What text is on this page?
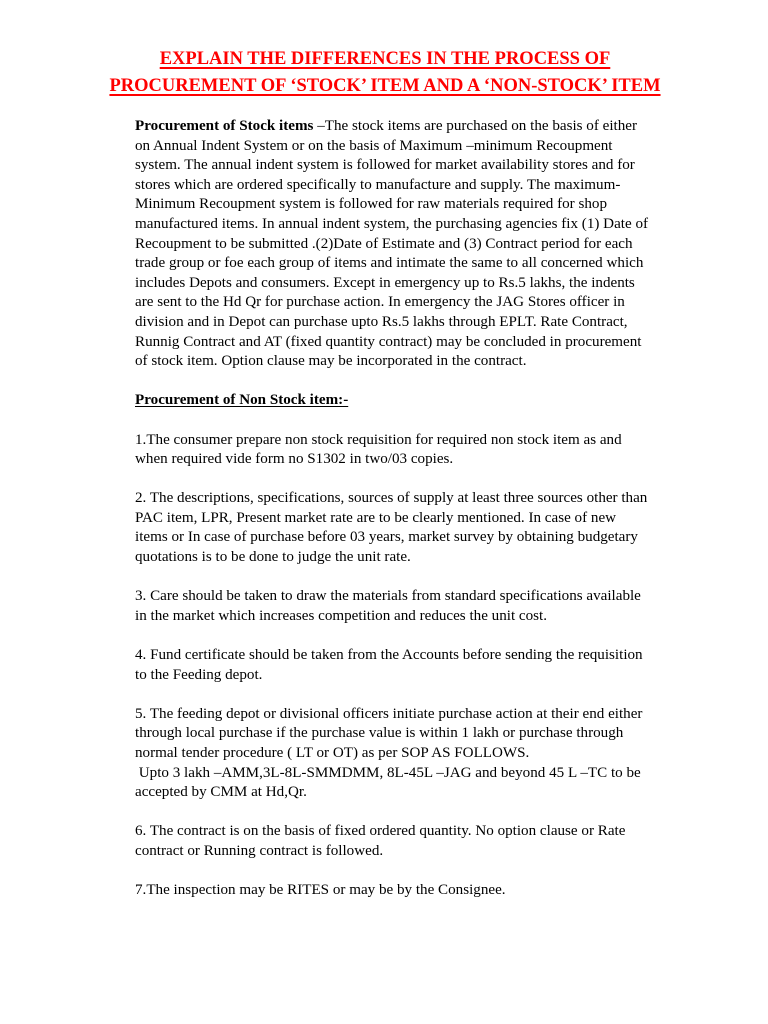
EXPLAIN THE DIFFERENCES IN THE PROCESS OF
PROCUREMENT OF ‘STOCK’ ITEM AND A ‘NON-STOCK’ ITEM
Procurement of Stock items –The stock items are purchased on the basis of either
on Annual Indent System or on the basis of Maximum –minimum Recoupment
system. The annual indent system is followed for market availability stores and for
stores which are ordered specifically to manufacture and supply. The maximum-
Minimum Recoupment system is followed for raw materials required for shop
manufactured items. In annual indent system, the purchasing agencies fix (1) Date of
Recoupment to be submitted .(2)Date of Estimate and (3) Contract period for each
trade group or foe each group of items and intimate the same to all concerned which
includes Depots and consumers. Except in emergency up to Rs.5 lakhs, the indents
are sent to the Hd Qr for purchase action. In emergency the JAG Stores officer in
division and in Depot can purchase upto Rs.5 lakhs through EPLT. Rate Contract,
Runnig Contract and AT (fixed quantity contract) may be concluded in procurement
of stock item. Option clause may be incorporated in the contract.
Procurement of Non Stock item:-
1.The consumer prepare non stock requisition for required non stock item as and
when required vide form no S1302 in two/03 copies.
2. The descriptions, specifications, sources of supply at least three sources other than
PAC item, LPR, Present market rate are to be clearly mentioned. In case of new
items or In case of purchase before 03 years, market survey by obtaining budgetary
quotations is to be done to judge the unit rate.
3. Care should be taken to draw the materials from standard specifications available
in the market which increases competition and reduces the unit cost.
4. Fund certificate should be taken from the Accounts before sending the requisition
to the Feeding depot.
5. The feeding depot or divisional officers initiate purchase action at their end either
through local purchase if the purchase value is within 1 lakh or purchase through
normal tender procedure ( LT or OT) as per SOP AS FOLLOWS.
Upto 3 lakh –AMM,3L-8L-SMMDMM, 8L-45L –JAG and beyond 45 L –TC to be
accepted by CMM at Hd,Qr.
6. The contract is on the basis of fixed ordered quantity. No option clause or Rate
contract or Running contract is followed.
7.The inspection may be RITES or may be by the Consignee.
